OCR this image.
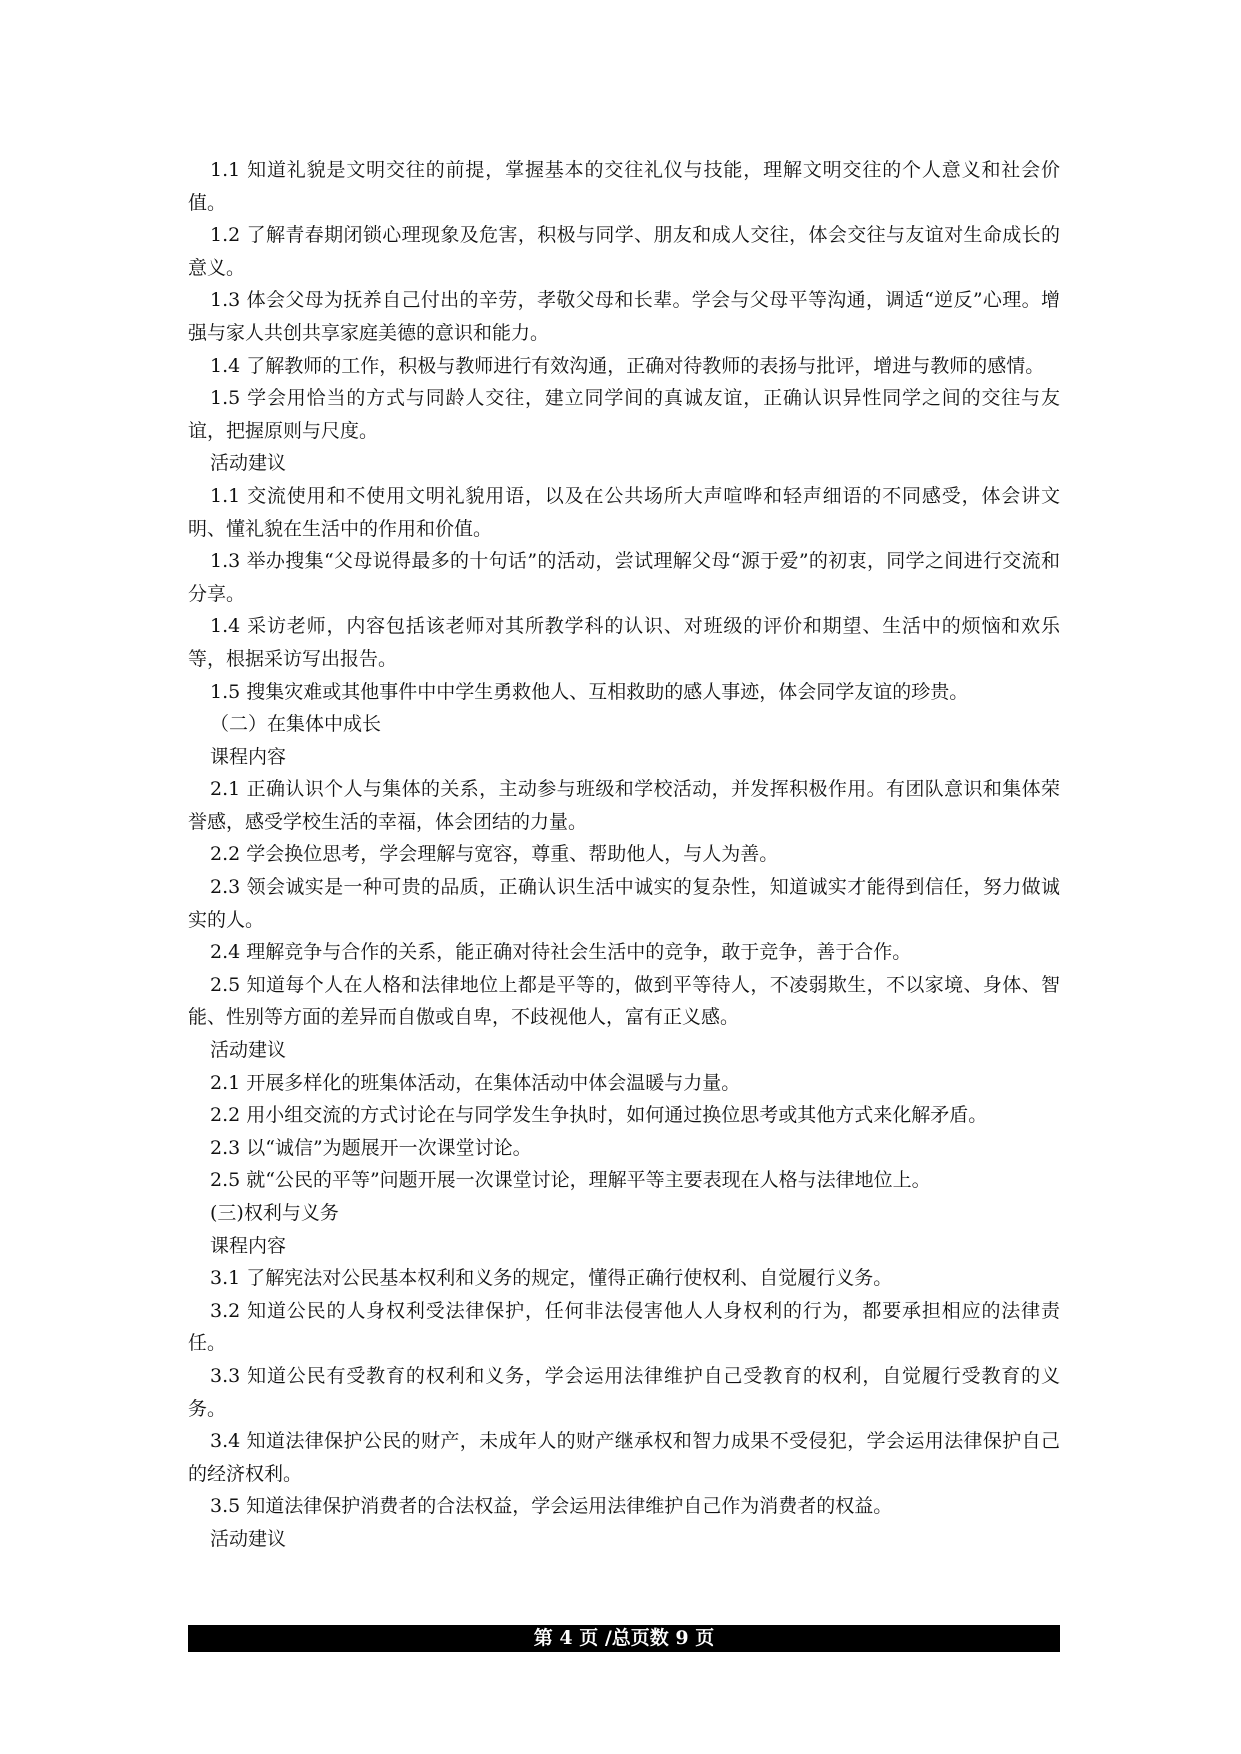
1.1 知道礼貌是文明交往的前提，掌握基本的交往礼仪与技能，理解文明交往的个人意义和社会价值。

1.2 了解青春期闭锁心理现象及危害，积极与同学、朋友和成人交往，体会交往与友谊对生命成长的意义。

1.3 体会父母为抚养自己付出的辛劳，孝敬父母和长辈。学会与父母平等沟通，调适“逆反”心理。增强与家人共创共享家庭美德的意识和能力。

1.4 了解教师的工作，积极与教师进行有效沟通，正确对待教师的表扬与批评，增进与教师的感情。

1.5 学会用恰当的方式与同龄人交往，建立同学间的真诚友谊，正确认识异性同学之间的交往与友谊，把握原则与尺度。

活动建议

1.1 交流使用和不使用文明礼貌用语，以及在公共场所大声喧哗和轻声细语的不同感受，体会讲文明、懂礼貌在生活中的作用和价值。

1.3 举办搜集“父母说得最多的十句话”的活动，尝试理解父母“源于爱”的初衷，同学之间进行交流和分享。

1.4 采访老师，内容包括该老师对其所教学科的认识、对班级的评价和期望、生活中的烦恼和欢乐等，根据采访写出报告。

1.5 搜集灾难或其他事件中中学生勇救他人、互相救助的感人事迹，体会同学友谊的珍贵。

（二）在集体中成长

课程内容

2.1 正确认识个人与集体的关系，主动参与班级和学校活动，并发挥积极作用。有团队意识和集体荣誉感，感受学校生活的幸福，体会团结的力量。

2.2 学会换位思考，学会理解与宽容，尊重、帮助他人，与人为善。

2.3 领会诚实是一种可贵的品质，正确认识生活中诚实的复杂性，知道诚实才能得到信任，努力做诚实的人。

2.4 理解竞争与合作的关系，能正确对待社会生活中的竞争，敢于竞争，善于合作。

2.5 知道每个人在人格和法律地位上都是平等的，做到平等待人，不凌弱欺生，不以家境、身体、智能、性别等方面的差异而自傲或自卑，不歧视他人，富有正义感。

活动建议

2.1 开展多样化的班集体活动，在集体活动中体会温暖与力量。

2.2 用小组交流的方式讨论在与同学发生争执时，如何通过换位思考或其他方式来化解矛盾。

2.3 以“诚信”为题展开一次课堂讨论。

2.5 就“公民的平等”问题开展一次课堂讨论，理解平等主要表现在人格与法律地位上。

(三)权利与义务

课程内容

3.1 了解宪法对公民基本权利和义务的规定，懂得正确行使权利、自觉履行义务。

3.2 知道公民的人身权利受法律保护，任何非法侵害他人人身权利的行为，都要承担相应的法律责任。

3.3 知道公民有受教育的权利和义务，学会运用法律维护自己受教育的权利，自觉履行受教育的义务。

3.4 知道法律保护公民的财产，未成年人的财产继承权和智力成果不受侵犯，学会运用法律保护自己的经济权利。

3.5 知道法律保护消费者的合法权益，学会运用法律维护自己作为消费者的权益。

活动建议

第 4 页 /总页数 9 页
